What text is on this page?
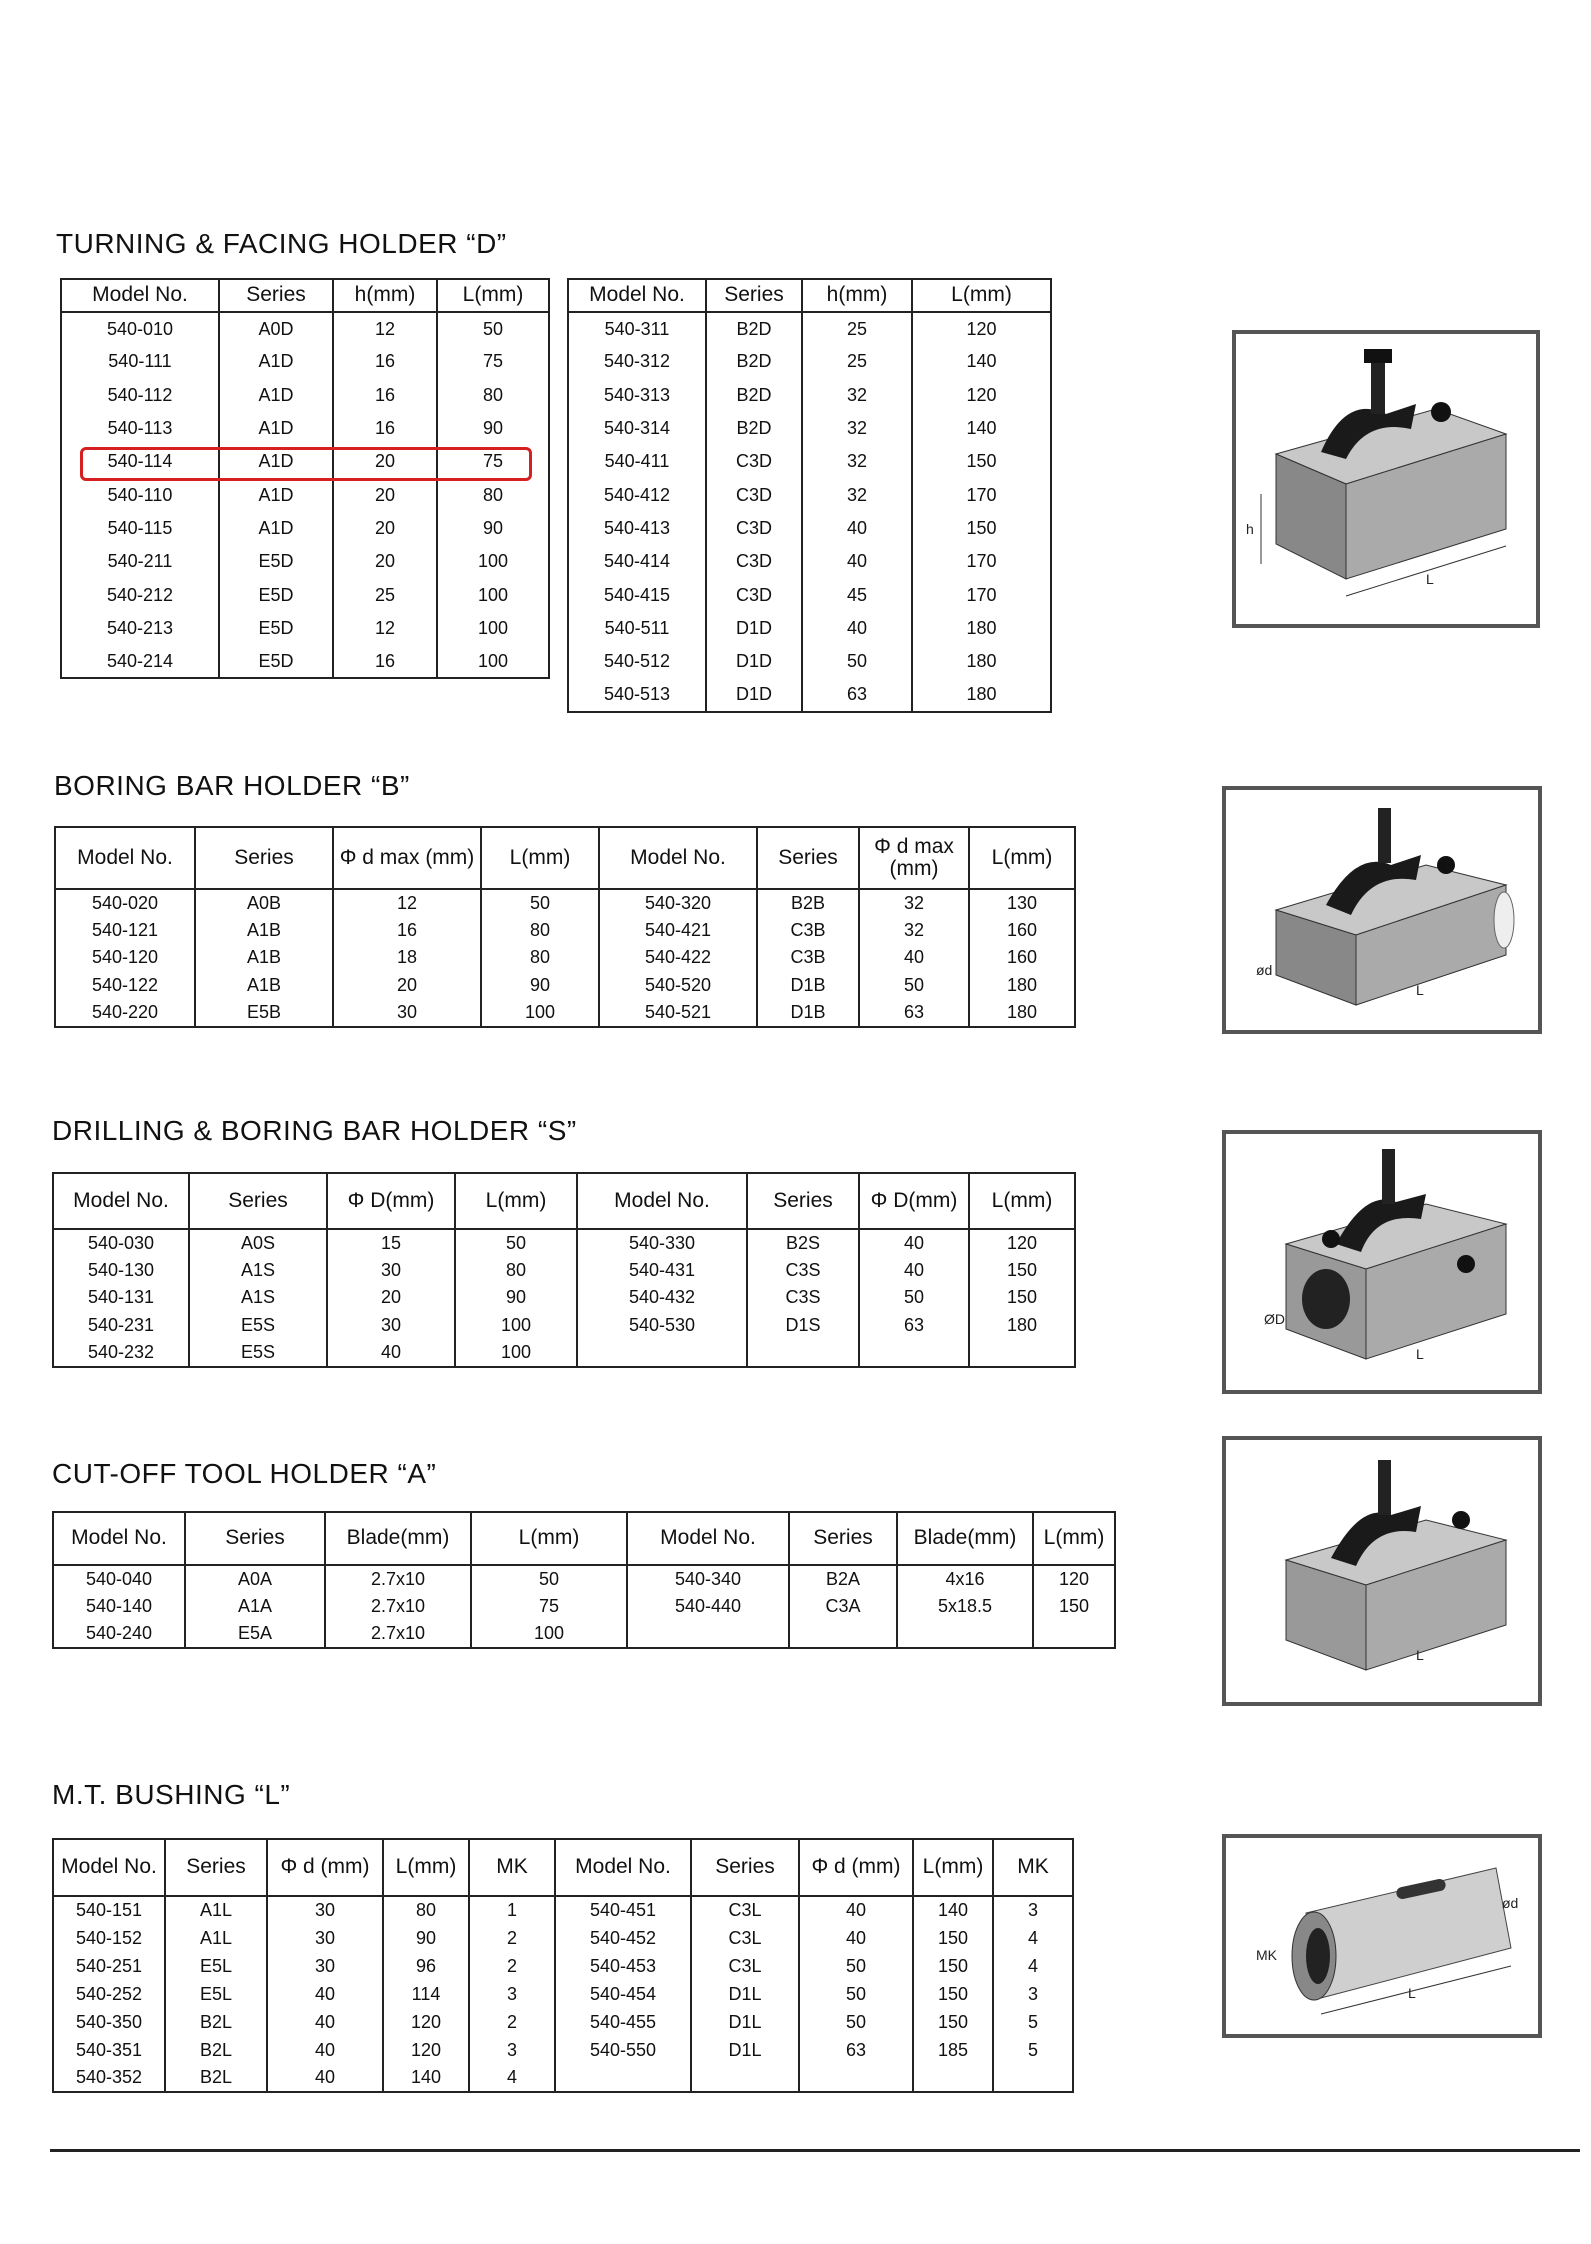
TURNING & FACING HOLDER “D”
Model No.	Series	h(mm)	L(mm)
540-010	A0D	12	50
540-111	A1D	16	75
540-112	A1D	16	80
540-113	A1D	16	90
540-114	A1D	20	75
540-110	A1D	20	80
540-115	A1D	20	90
540-211	E5D	20	100
540-212	E5D	25	100
540-213	E5D	12	100
540-214	E5D	16	100
Model No.	Series	h(mm)	L(mm)
540-311	B2D	25	120
540-312	B2D	25	140
540-313	B2D	32	120
540-314	B2D	32	140
540-411	C3D	32	150
540-412	C3D	32	170
540-413	C3D	40	150
540-414	C3D	40	170
540-415	C3D	45	170
540-511	D1D	40	180
540-512	D1D	50	180
540-513	D1D	63	180
h
L
BORING BAR HOLDER “B”
Model No.	Series	Φ d max (mm)	L(mm)	Model No.	Series	Φ d max (mm)	L(mm)
540-020	A0B	12	50	540-320	B2B	32	130
540-121	A1B	16	80	540-421	C3B	32	160
540-120	A1B	18	80	540-422	C3B	40	160
540-122	A1B	20	90	540-520	D1B	50	180
540-220	E5B	30	100	540-521	D1B	63	180
ød
L
DRILLING & BORING BAR HOLDER “S”
Model No.	Series	Φ D(mm)	L(mm)	Model No.	Series	Φ D(mm)	L(mm)
540-030	A0S	15	50	540-330	B2S	40	120
540-130	A1S	30	80	540-431	C3S	40	150
540-131	A1S	20	90	540-432	C3S	50	150
540-231	E5S	30	100	540-530	D1S	63	180
540-232	E5S	40	100				
ØD
L
CUT-OFF TOOL HOLDER “A”
Model No.	Series	Blade(mm)	L(mm)	Model No.	Series	Blade(mm)	L(mm)
540-040	A0A	2.7x10	50	540-340	B2A	4x16	120
540-140	A1A	2.7x10	75	540-440	C3A	5x18.5	150
540-240	E5A	2.7x10	100				
L
M.T. BUSHING “L”
Model No.	Series	Φ d (mm)	L(mm)	MK	Model No.	Series	Φ d (mm)	L(mm)	MK
540-151	A1L	30	80	1	540-451	C3L	40	140	3
540-152	A1L	30	90	2	540-452	C3L	40	150	4
540-251	E5L	30	96	2	540-453	C3L	50	150	4
540-252	E5L	40	114	3	540-454	D1L	50	150	3
540-350	B2L	40	120	2	540-455	D1L	50	150	5
540-351	B2L	40	120	3	540-550	D1L	63	185	5
540-352	B2L	40	140	4					
MK
ød
L
